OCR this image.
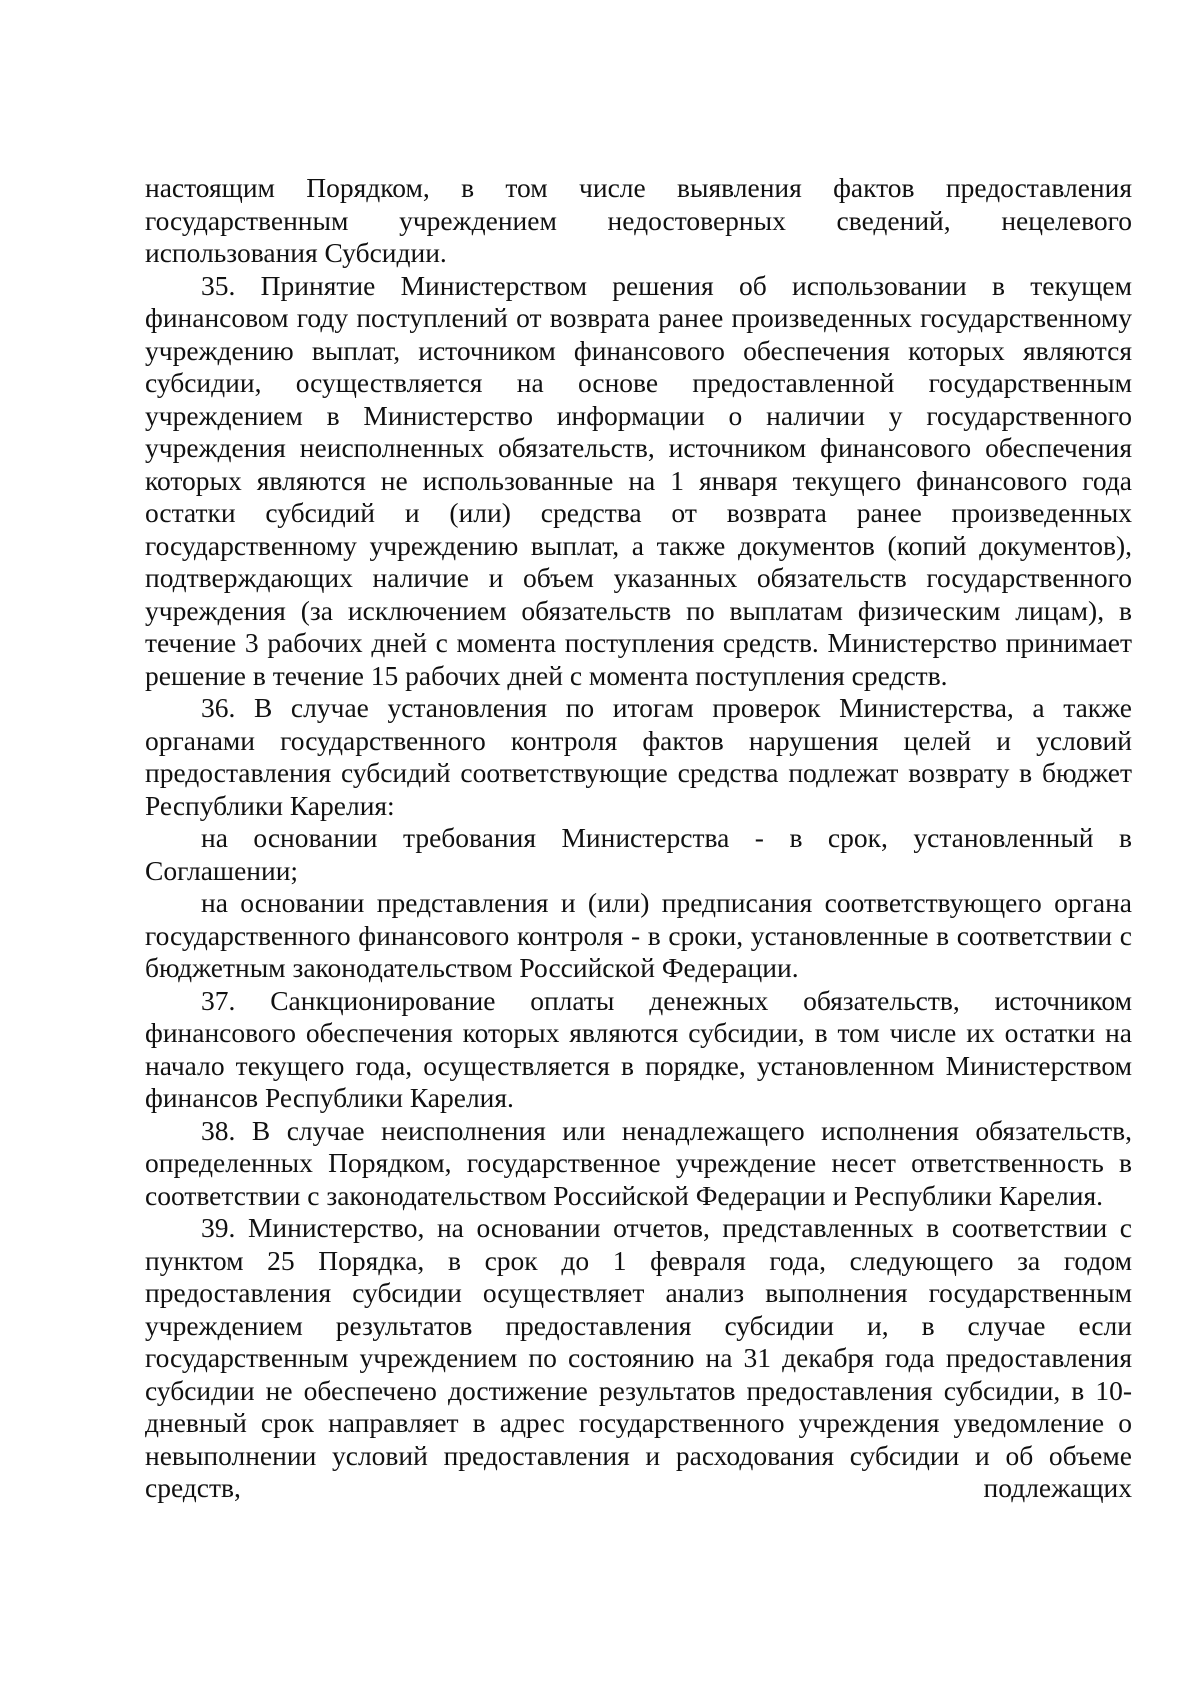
настоящим Порядком, в том числе выявления фактов предоставления государственным учреждением недостоверных сведений, нецелевого использования Субсидии.

35. Принятие Министерством решения об использовании в текущем финансовом году поступлений от возврата ранее произведенных государственному учреждению выплат, источником финансового обеспечения которых являются субсидии, осуществляется на основе предоставленной государственным учреждением в Министерство информации о наличии у государственного учреждения неисполненных обязательств, источником финансового обеспечения которых являются не использованные на 1 января текущего финансового года остатки субсидий и (или) средства от возврата ранее произведенных государственному учреждению выплат, а также документов (копий документов), подтверждающих наличие и объем указанных обязательств государственного учреждения (за исключением обязательств по выплатам физическим лицам), в течение 3 рабочих дней с момента поступления средств. Министерство принимает решение в течение 15 рабочих дней с момента поступления средств.

36. В случае установления по итогам проверок Министерства, а также органами государственного контроля фактов нарушения целей и условий предоставления субсидий соответствующие средства подлежат возврату в бюджет Республики Карелия:

на основании требования Министерства - в срок, установленный в Соглашении;

на основании представления и (или) предписания соответствующего органа государственного финансового контроля - в сроки, установленные в соответствии с бюджетным законодательством Российской Федерации.

37. Санкционирование оплаты денежных обязательств, источником финансового обеспечения которых являются субсидии, в том числе их остатки на начало текущего года, осуществляется в порядке, установленном Министерством финансов Республики Карелия.

38. В случае неисполнения или ненадлежащего исполнения обязательств, определенных Порядком, государственное учреждение несет ответственность в соответствии с законодательством Российской Федерации и Республики Карелия.

39. Министерство, на основании отчетов, представленных в соответствии с пунктом 25 Порядка, в срок до 1 февраля года, следующего за годом предоставления субсидии осуществляет анализ выполнения государственным учреждением результатов предоставления субсидии и, в случае если государственным учреждением по состоянию на 31 декабря года предоставления субсидии не обеспечено достижение результатов предоставления субсидии, в 10-дневный срок направляет в адрес государственного учреждения уведомление о невыполнении условий предоставления и расходования субсидии и об объеме средств, подлежащих
